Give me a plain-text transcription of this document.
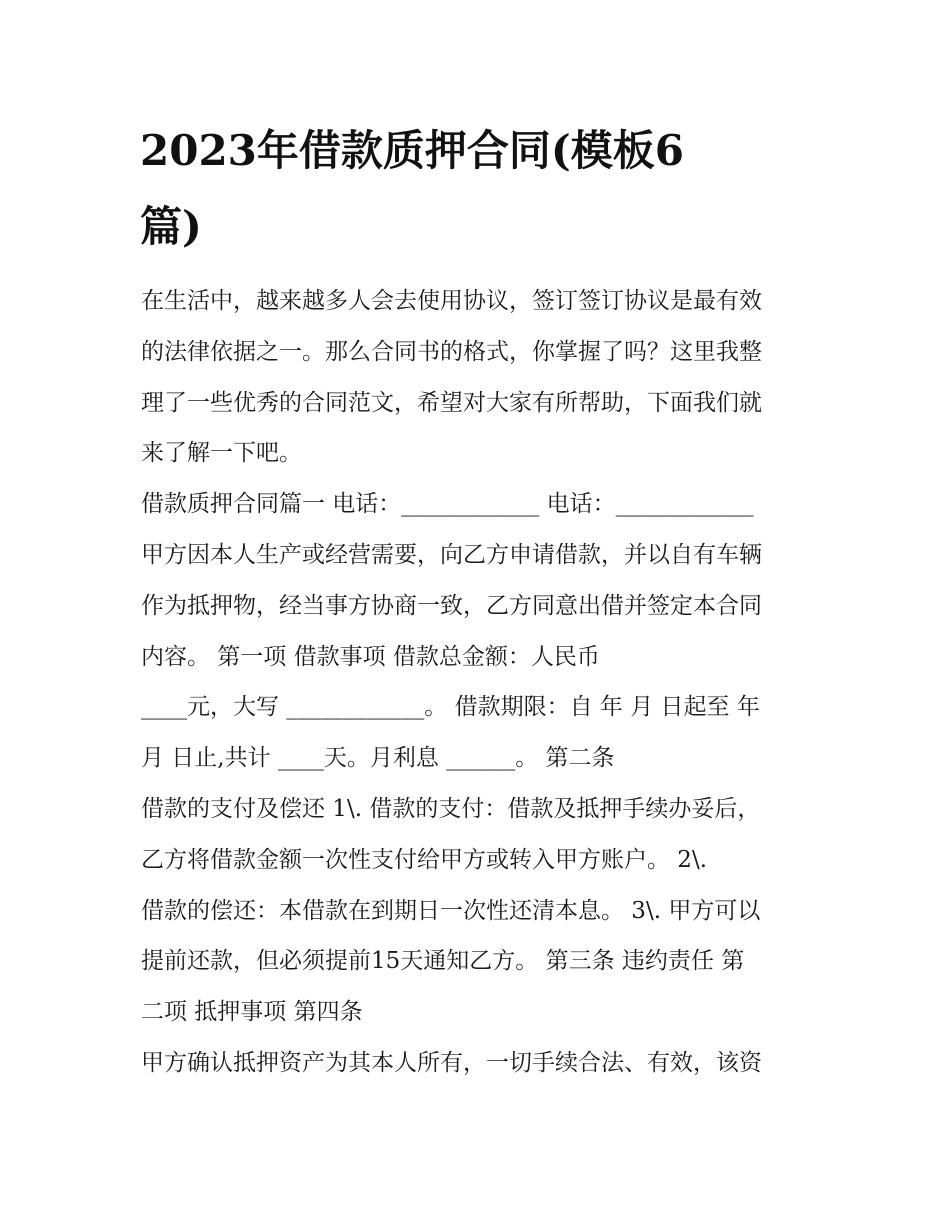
2023年借款质押合同(模板6
篇)
在生活中，越来越多人会去使用协议，签订签订协议是最有效
的法律依据之一。那么合同书的格式，你掌握了吗？这里我整
理了一些优秀的合同范文，希望对大家有所帮助，下面我们就
来了解一下吧。
借款质押合同篇一 电话：____________ 电话：____________
甲方因本人生产或经营需要，向乙方申请借款，并以自有车辆
作为抵押物，经当事方协商一致，乙方同意出借并签定本合同
内容。 第一项 借款事项 借款总金额：人民币
____元，大写 ____________。 借款期限：自 年 月 日起至 年
月 日止,共计 ____天。月利息 ______。 第二条
借款的支付及偿还 1\. 借款的支付：借款及抵押手续办妥后，
乙方将借款金额一次性支付给甲方或转入甲方账户。 2\.
借款的偿还：本借款在到期日一次性还清本息。 3\. 甲方可以
提前还款，但必须提前15天通知乙方。 第三条 违约责任 第
二项 抵押事项 第四条
甲方确认抵押资产为其本人所有，一切手续合法、有效，该资
